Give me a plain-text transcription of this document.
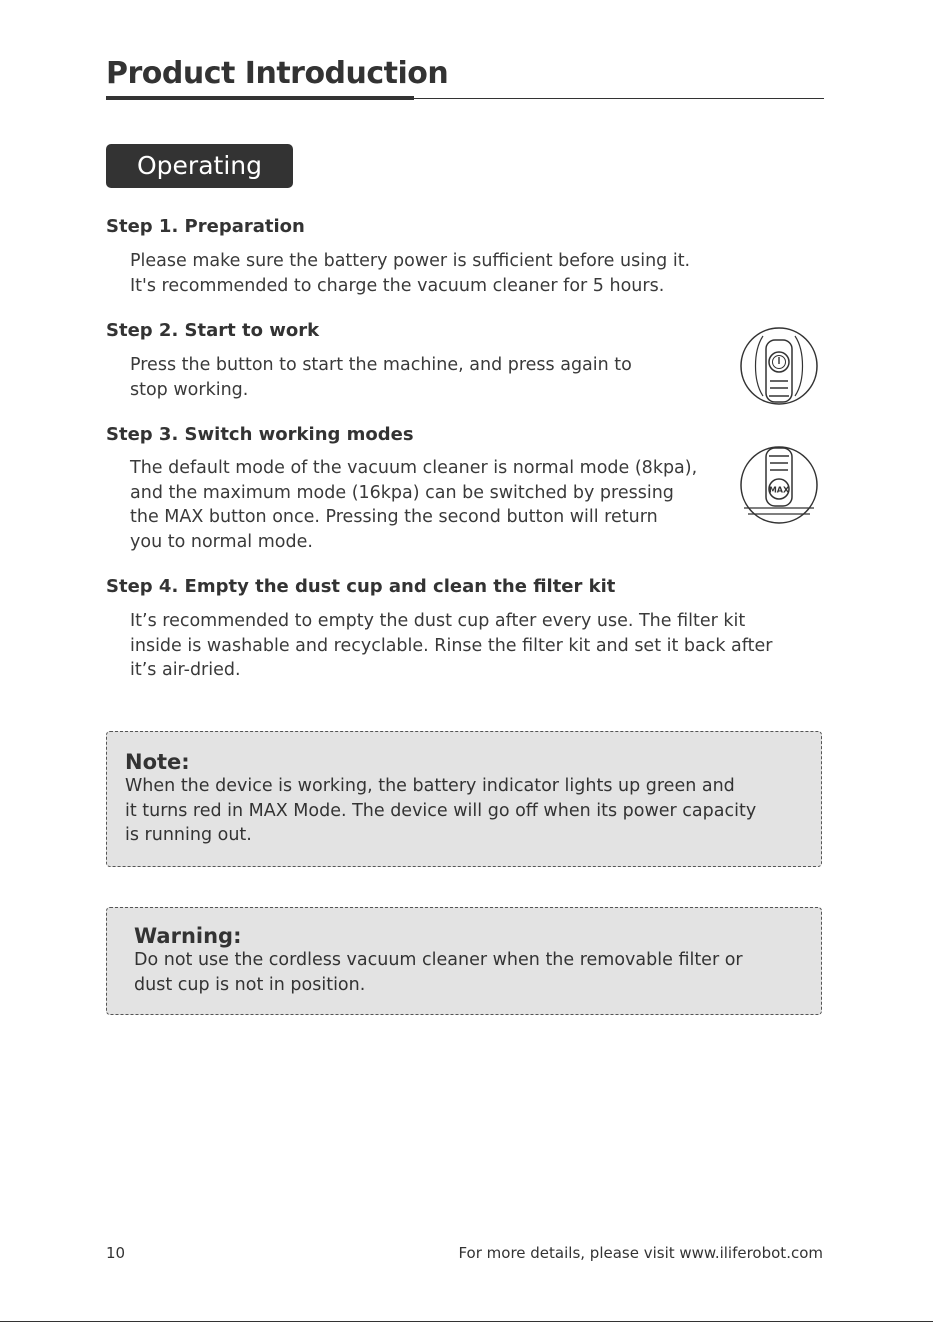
Product Introduction
Operating
Step 1. Preparation
Please make sure the battery power is sufficient before using it.
It's recommended to charge the vacuum cleaner for 5 hours.
Step 2. Start to work
Press the button to start the machine, and press again to
stop working.
Step 3. Switch working modes
The default mode of the vacuum cleaner is normal mode (8kpa),
and the maximum mode (16kpa) can be switched by pressing
the MAX button once. Pressing the second button will return
you to normal mode.
MAX
Step 4. Empty the dust cup and clean the filter kit
It’s recommended to empty the dust cup after every use. The filter kit
inside is washable and recyclable. Rinse the filter kit and set it back after
it’s air-dried.

Note:

When the device is working, the battery indicator lights up green and

it turns red in MAX Mode. The device will go off when its power capacity

is running out.

Warning:

Do not use the cordless vacuum cleaner when the removable filter or

dust cup is not in position.

10	For more details, please visit www.iliferobot.com
